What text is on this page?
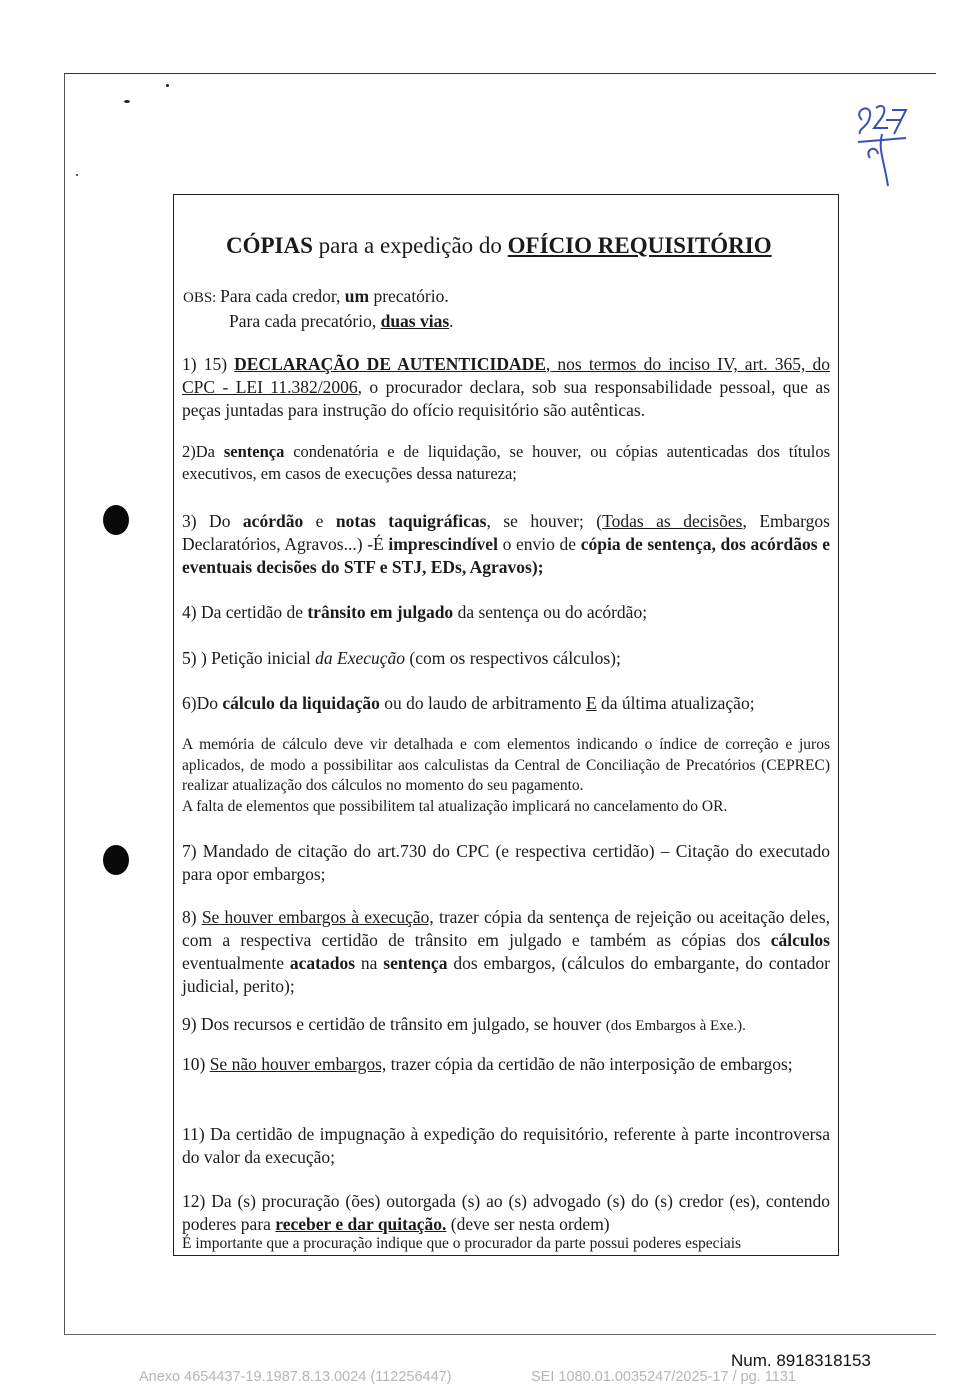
CÓPIAS para a expedição do OFÍCIO REQUISITÓRIO
OBS: Para cada credor, um precatório.
Para cada precatório, duas vias.
1) 15) DECLARAÇÃO DE AUTENTICIDADE, nos termos do inciso IV, art. 365, do CPC - LEI 11.382/2006, o procurador declara, sob sua responsabilidade pessoal, que as peças juntadas para instrução do ofício requisitório são autênticas.
2)Da sentença condenatória e de liquidação, se houver, ou cópias autenticadas dos títulos executivos, em casos de execuções dessa natureza;
3) Do acórdão e notas taquigráficas, se houver; (Todas as decisões, Embargos Declaratórios, Agravos...) -É imprescindível o envio de cópia de sentença, dos acórdãos e eventuais decisões do STF e STJ, EDs, Agravos);
4) Da certidão de trânsito em julgado da sentença ou do acórdão;
5) ) Petição inicial da Execução (com os respectivos cálculos);
6)Do cálculo da liquidação ou do laudo de arbitramento E da última atualização;
A memória de cálculo deve vir detalhada e com elementos indicando o índice de correção e juros aplicados, de modo a possibilitar aos calculistas da Central de Conciliação de Precatórios (CEPREC) realizar atualização dos cálculos no momento do seu pagamento.
A falta de elementos que possibilitem tal atualização implicará no cancelamento do OR.
7) Mandado de citação do art.730 do CPC (e respectiva certidão) – Citação do executado para opor embargos;
8) Se houver embargos à execução, trazer cópia da sentença de rejeição ou aceitação deles, com a respectiva certidão de trânsito em julgado e também as cópias dos cálculos eventualmente acatados na sentença dos embargos, (cálculos do embargante, do contador judicial, perito);
9) Dos recursos e certidão de trânsito em julgado, se houver (dos Embargos à Exe.).
10) Se não houver embargos, trazer cópia da certidão de não interposição de embargos;
11) Da certidão de impugnação à expedição do requisitório, referente à parte incontroversa do valor da execução;
12) Da (s) procuração (ões) outorgada (s) ao (s) advogado (s) do (s) credor (es), contendo poderes para receber e dar quitação. (deve ser nesta ordem)
É importante que a procuração indique que o procurador da parte possui poderes especiais
Num. 8918318153
Anexo 4654437-19.1987.8.13.0024 (112256447)	SEI 1080.01.0035247/2025-17 / pg. 1131
